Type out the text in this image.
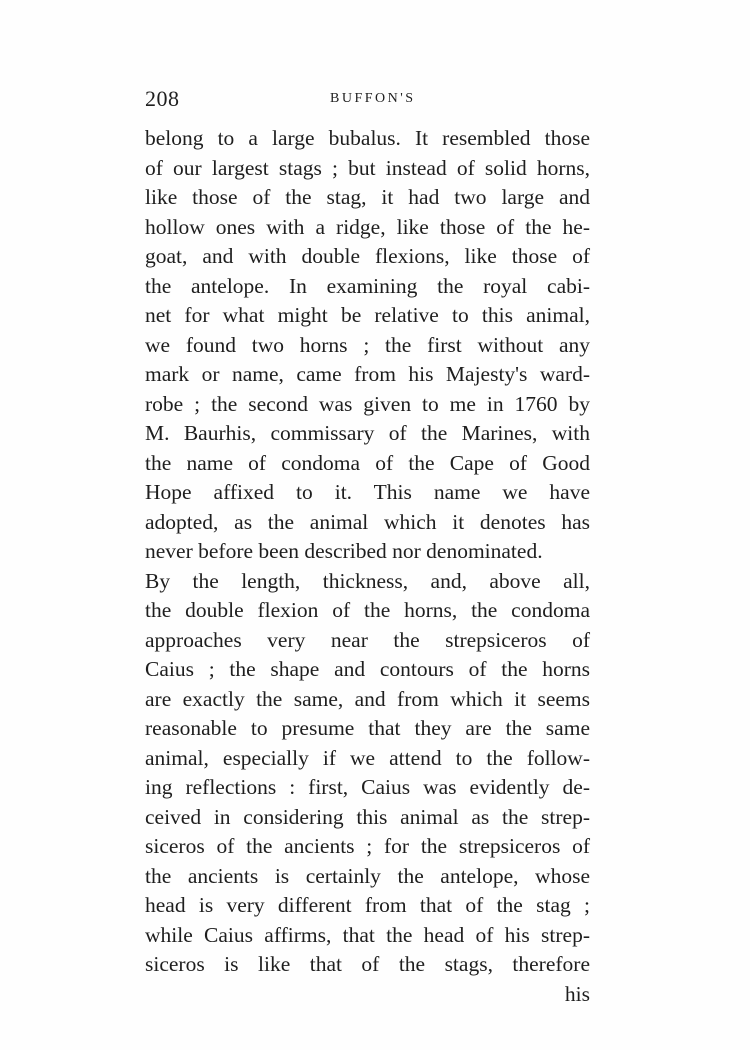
208	BUFFON'S
belong to a large bubalus. It resembled those
of our largest stags ; but instead of solid horns,
like those of the stag, it had two large and
hollow ones with a ridge, like those of the he-
goat, and with double flexions, like those of
the antelope. In examining the royal cabi-
net for what might be relative to this animal,
we found two horns ; the first without any
mark or name, came from his Majesty's ward-
robe ; the second was given to me in 1760 by
M. Baurhis, commissary of the Marines, with
the name of condoma of the Cape of Good
Hope affixed to it. This name we have
adopted, as the animal which it denotes has
never before been described nor denominated.
By the length, thickness, and, above all,
the double flexion of the horns, the condoma
approaches very near the strepsiceros of
Caius ; the shape and contours of the horns
are exactly the same, and from which it seems
reasonable to presume that they are the same
animal, especially if we attend to the follow-
ing reflections : first, Caius was evidently de-
ceived in considering this animal as the strep-
siceros of the ancients ; for the strepsiceros of
the ancients is certainly the antelope, whose
head is very different from that of the stag ;
while Caius affirms, that the head of his strep-
siceros is like that of the stags, therefore
his
